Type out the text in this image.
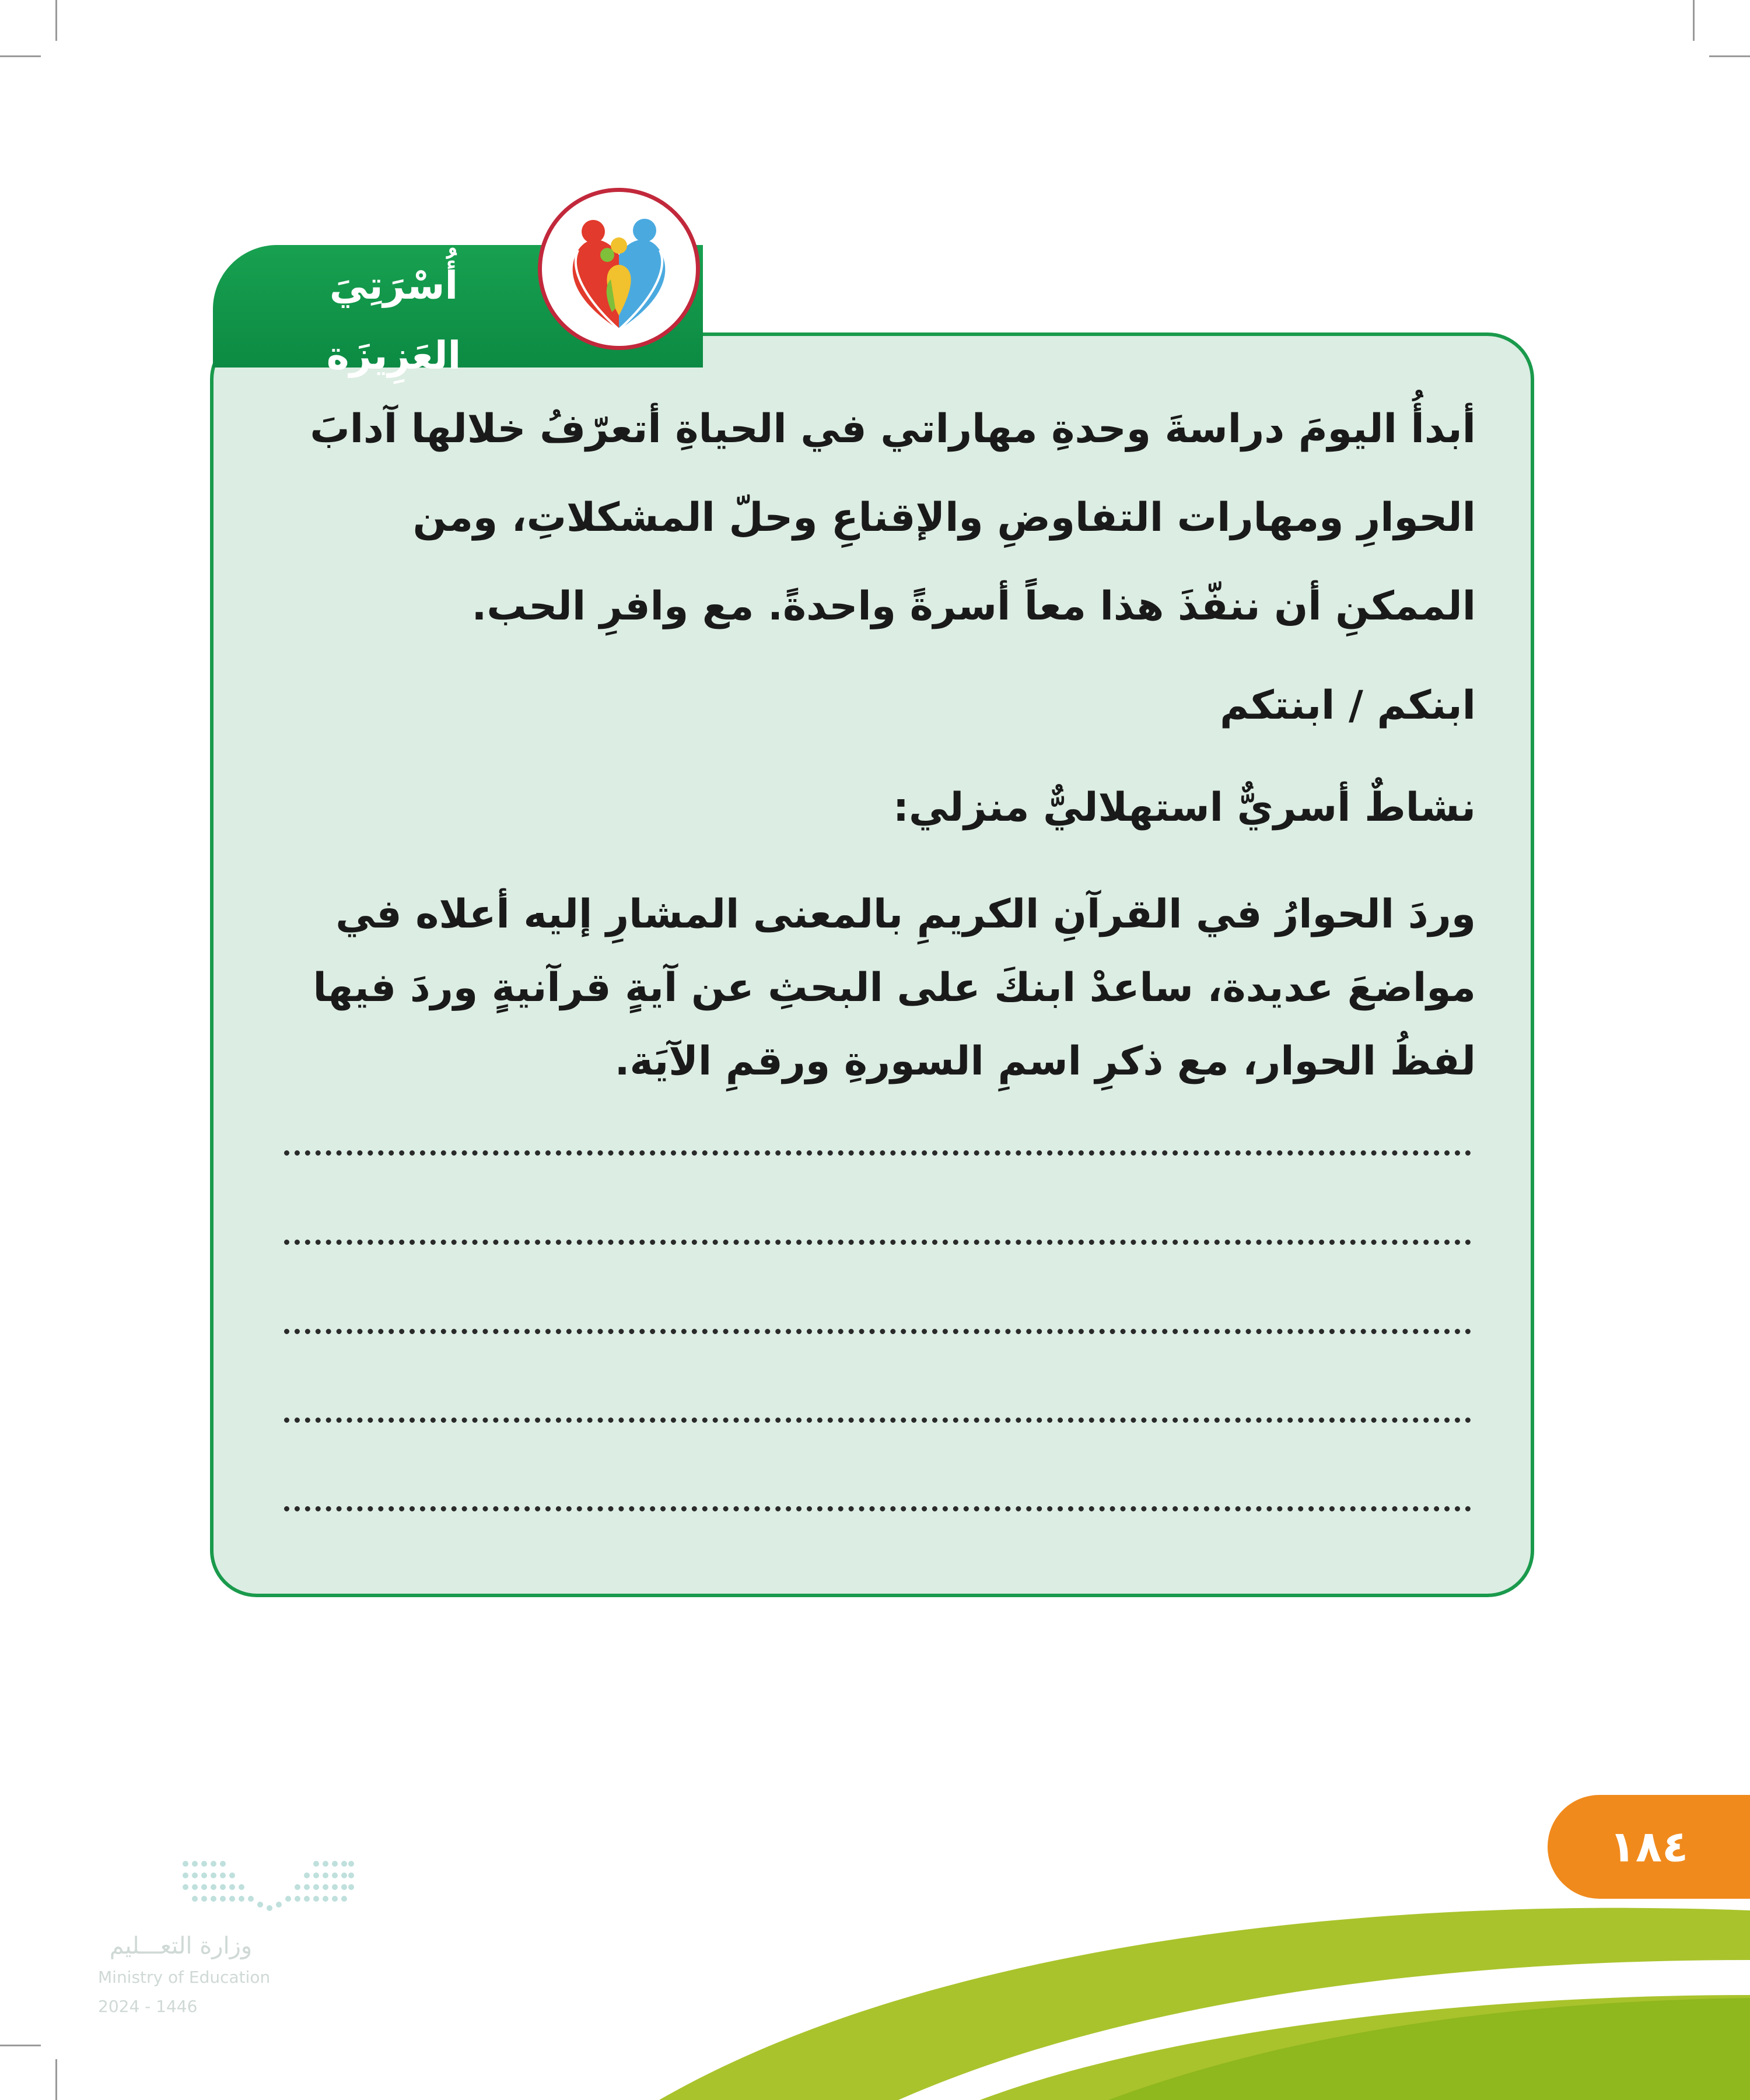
أُسْرَتِيَ العَزِيزَة
أبدأُ اليومَ دراسةَ وحدةِ مهاراتي في الحياةِ أتعرّفُ خلالها آدابَ الحوارِ ومهارات التفاوضِ والإقناعِ وحلّ المشكلاتِ، ومن الممكنِ أن ننفّذَ هذا معاً أسرةً واحدةً. مع وافرِ الحب.
ابنكم / ابنتكم
نشاطٌ أسريٌّ استهلاليٌّ منزلي:
وردَ الحوارُ في القرآنِ الكريمِ بالمعنى المشارِ إليه أعلاه في مواضعَ عديدة، ساعدْ ابنكَ على البحثِ عن آيةٍ قرآنيةٍ وردَ فيها لفظُ الحوار، مع ذكرِ اسمِ السورةِ ورقمِ الآيَة.
١٨٤
وزارة التعـــليم
Ministry of Education
2024 - 1446
